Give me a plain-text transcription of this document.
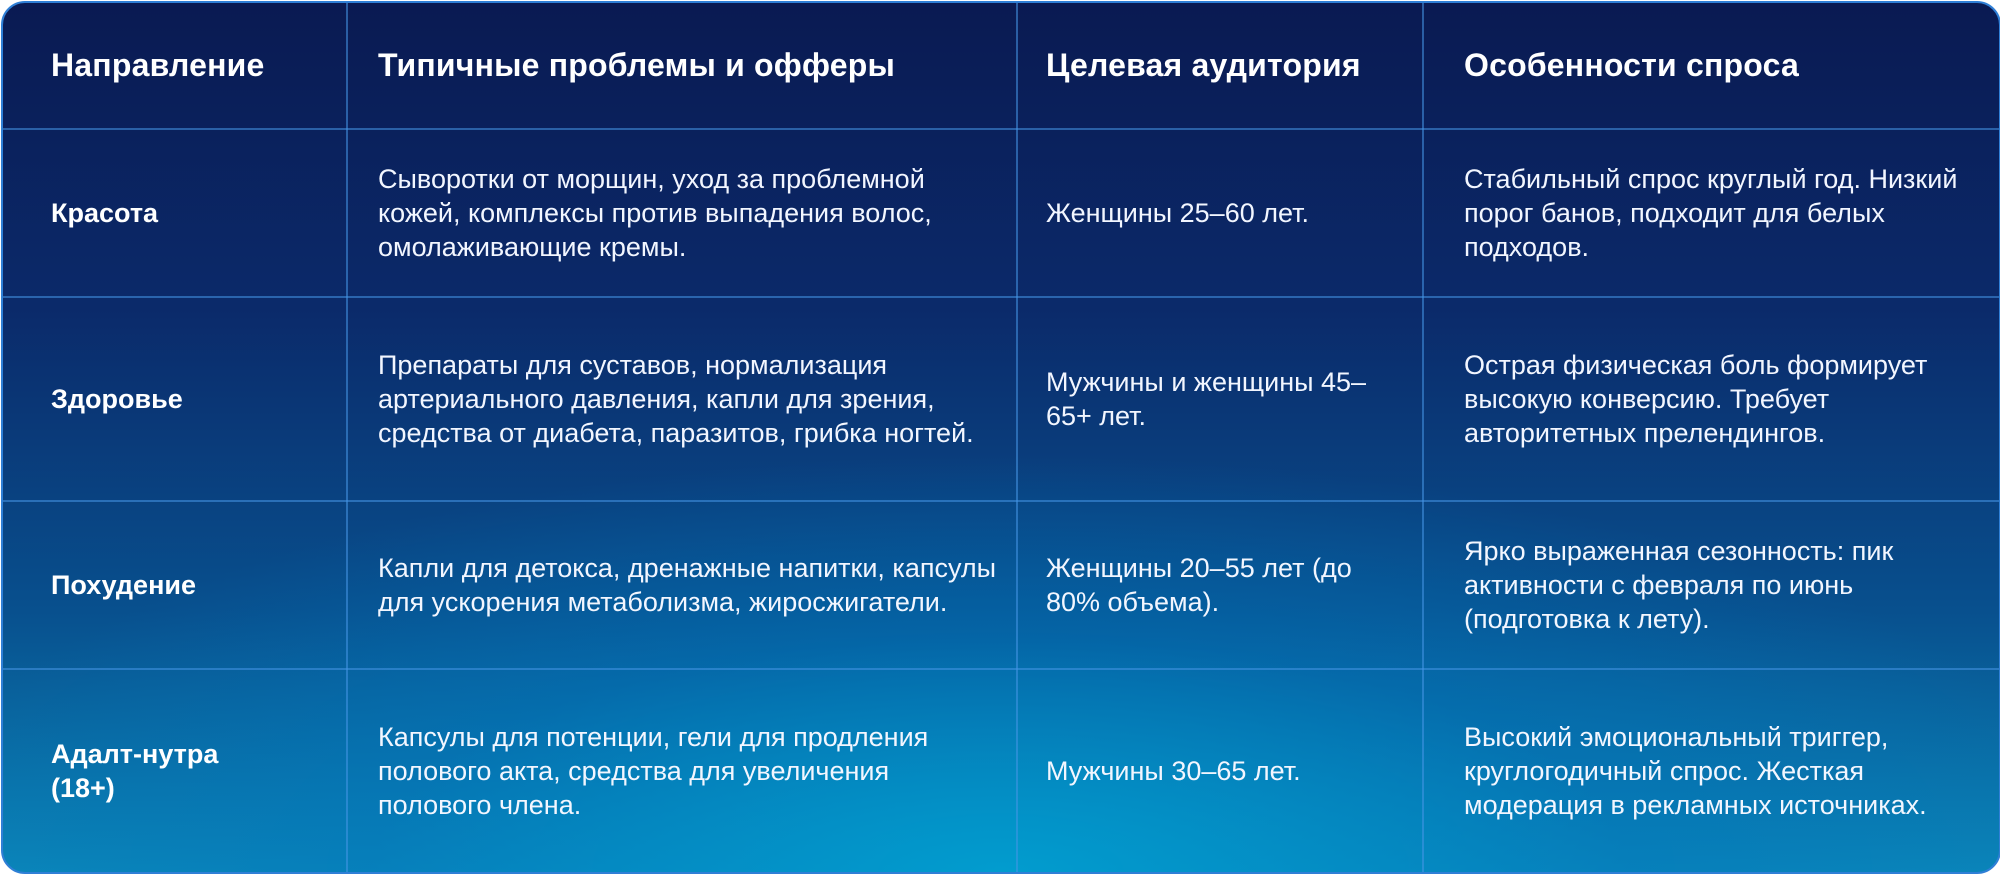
Направление	Типичные проблемы и офферы	Целевая аудитория	Особенности спроса

Красота	Сыворотки от морщин, уход за проблемной кожей, комплексы против выпадения волос, омолаживающие кремы.	Женщины 25–60 лет.	Стабильный спрос круглый год. Низкий порог банов, подходит для белых подходов.

Здоровье	Препараты для суставов, нормализация артериального давления, капли для зрения, средства от диабета, паразитов, грибка ногтей.	Мужчины и женщины 45–65+ лет.	Острая физическая боль формирует высокую конверсию. Требует авторитетных прелендингов.

Похудение	Капли для детокса, дренажные напитки, капсулы для ускорения метаболизма, жиросжигатели.	Женщины 20–55 лет (до 80% объема).	Ярко выраженная сезонность: пик активности с февраля по июнь (подготовка к лету).

Адалт-нутра (18+)	Капсулы для потенции, гели для продления полового акта, средства для увеличения полового члена.	Мужчины 30–65 лет.	Высокий эмоциональный триггер, круглогодичный спрос. Жесткая модерация в рекламных источниках.
